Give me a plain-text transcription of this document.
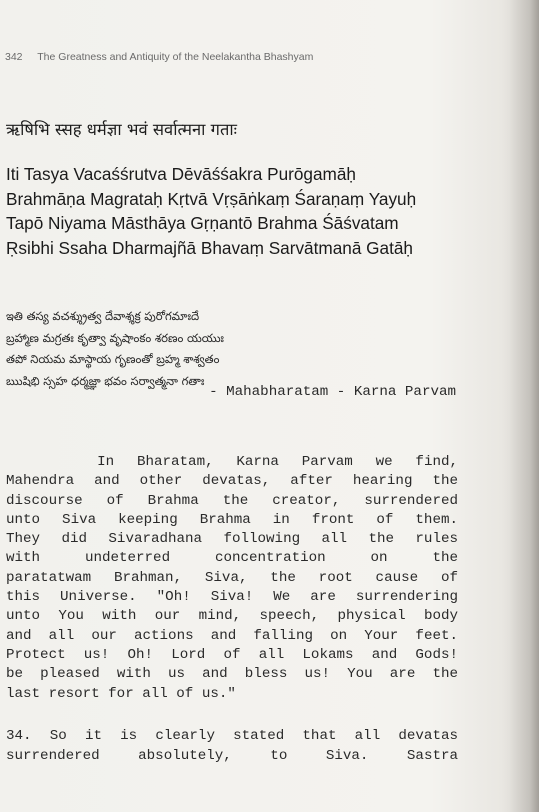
342 The Greatness and Antiquity of the Neelakantha Bhashyam
ऋषिभि स्सह धर्मज्ञा भवं सर्वात्मना गताः
Iti Tasya Vacaśśrutva Dēvāśśakra Purōgamāḥ
Brahmāṇa Magrataḥ Kṛtvā Vṛṣāṅkaṃ Śaraṇaṃ Yayuḥ
Tapō Niyama Māsthāya Gṛṇantō Brahma Śāśvatam
Ṛsibhi Ssaha Dharmajñā Bhavaṃ Sarvātmanā Gatāḥ
ఇతి తస్య వచశ్శ్రుత్వ దేవాశ్శక్ర పురోగమాఃదే
బ్రహ్మాణ మగ్రతః కృత్వా వృషాంకం శరణం యయుః
తపో నియమ మాస్థాయ గృణంతో బ్రహ్మ శాశ్వతం
ఋషిభి స్సహ ధర్మజ్ఞా భవం సర్వాత్మనా గతాః
- Mahabharatam - Karna Parvam
In Bharatam, Karna Parvam we find,
Mahendra and other devatas, after hearing the
discourse of Brahma the creator, surrendered
unto Siva keeping Brahma in front of them.
They did Sivaradhana following all the rules
with undeterred concentration on the
paratatwam Brahman, Siva, the root cause of
this Universe. "Oh! Siva! We are surrendering
unto You with our mind, speech, physical body
and all our actions and falling on Your feet.
Protect us! Oh! Lord of all Lokams and Gods!
be pleased with us and bless us! You are the
last resort for all of us."
34. So it is clearly stated that all devatas
surrendered absolutely, to Siva. Sastra
